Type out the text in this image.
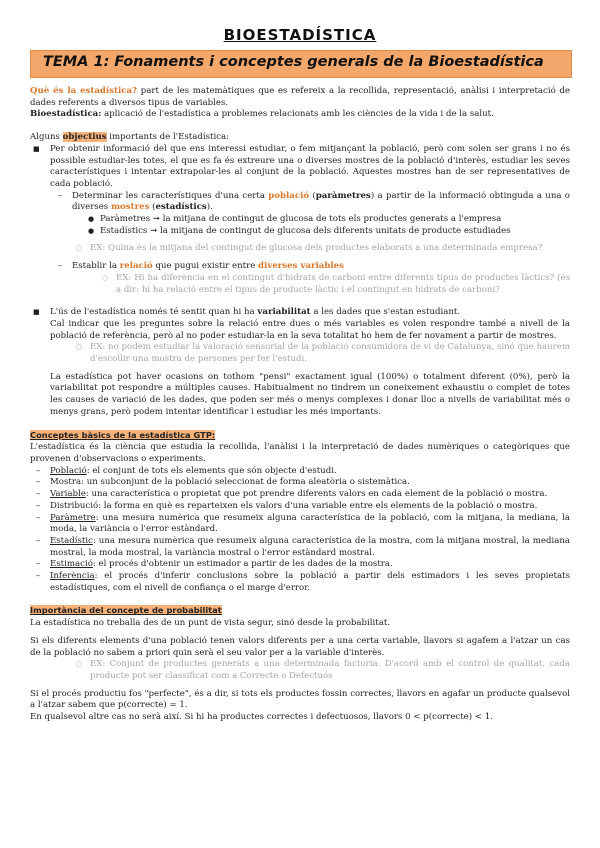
BIOESTADÍSTICA
TEMA 1: Fonaments i conceptes generals de la Bioestadística

Què és la estadística? part de les matemàtiques que es refereix a la recollida, representació, anàlisi i interpretació de dades referents a diversos tipus de variables.

Bioestadística: aplicació de l'estadística a problemes relacionats amb les ciències de la vida i de la salut.

Alguns objectius importants de l'Estadística:

■ Per obtenir informació del que ens interessi estudiar, o fem mitjançant la població, però com solen ser grans i no és possible estudiar-les totes, el que es fa és extreure una o diverses mostres de la població d'interès, estudiar les seves característiques i intentar extrapolar-les al conjunt de la població. Aquestes mostres han de ser representatives de cada població.
– Determinar les característiques d'una certa població (paràmetres) a partir de la informació obtinguda a una o diverses mostres (estadístics).
● Paràmetres ➞ la mitjana de contingut de glucosa de tots els productes generats a l'empresa
● Estadístics ➞ la mitjana de contingut de glucosa dels diferents unitats de producte estudiades
○ EX: Quina és la mitjana del contingut de glucosa dels productes elaborats a una determinada empresa?
– Establir la relació que pugui existir entre diverses variables
○ EX: Hi ha diferència en el contingut d'hidrats de carboni entre diferents tipus de productes làctics? (és a dir: hi ha relació entre el tipus de producte làctic i el contingut en hidrats de carboni?
■ L'ús de l'estadística només té sentit quan hi ha variabilitat a les dades que s'estan estudiant.
Cal indicar que les preguntes sobre la relació entre dues o més variables es volen respondre també a nivell de la població de referència, però al no poder estudiar-la en la seva totalitat ho hem de fer novament a partir de mostres.
○ EX: no podem estudiar la valoració sensorial de la població consumidora de vi de Catalunya, sinó que haurem d'escollir una mostra de persones per fer l'estudi.
La estadística pot haver ocasions on tothom "pensi" exactament igual (100%) o totalment diferent (0%), però la variabilitat pot respondre a múltiples causes. Habitualment no tindrem un coneixement exhaustiu o complet de totes les causes de variació de les dades, que poden ser més o menys complexes i donar lloc a nivells de variabilitat més o menys grans, però podem intentar identificar i estudiar les més importants.
Conceptes bàsics de la estadística GTP:

L'estadística és la ciència que estudia la recollida, l'anàlisi i la interpretació de dades numèriques o categòriques que provenen d'observacions o experiments.

– Població: el conjunt de tots els elements que són objecte d'estudi.
– Mostra: un subconjunt de la població seleccionat de forma aleatòria o sistemàtica.
– Variable: una característica o propietat que pot prendre diferents valors en cada element de la població o mostra.
– Distribució: la forma en què es reparteixen els valors d'una variable entre els elements de la població o mostra.
– Paràmetre: una mesura numèrica que resumeix alguna característica de la població, com la mitjana, la mediana, la moda, la variància o l'error estàndard.
– Estadístic: una mesura numèrica que resumeix alguna característica de la mostra, com la mitjana mostral, la mediana mostral, la moda mostral, la variància mostral o l'error estàndard mostral.
– Estimació: el procés d'obtenir un estimador a partir de les dades de la mostra.
– Inferència: el procés d'inferir conclusions sobre la població a partir dels estimadors i les seves propietats estadístiques, com el nivell de confiança o el marge d'error.
Importància del concepte de probabilitat

La estadística no treballa des de un punt de vista segur, sinó desde la probabilitat.

Si els diferents elements d'una població tenen valors diferents per a una certa variable, llavors si agafem a l'atzar un cas de la població no sabem a priori quin serà el seu valor per a la variable d'interès.

○ EX: Conjunt de productes generats a una determinada factoria. D'acord amb el control de qualitat, cada producte pot ser classificat com a Correcte o Defectuós

Si el procés productiu fos "perfecte", és a dir, si tots els productes fossin correctes, llavors en agafar un producte qualsevol a l'atzar sabem que p(correcte) = 1.

En qualsevol altre cas no serà així. Si hi ha productes correctes i defectuosos, llavors 0 < p(correcte) < 1.
